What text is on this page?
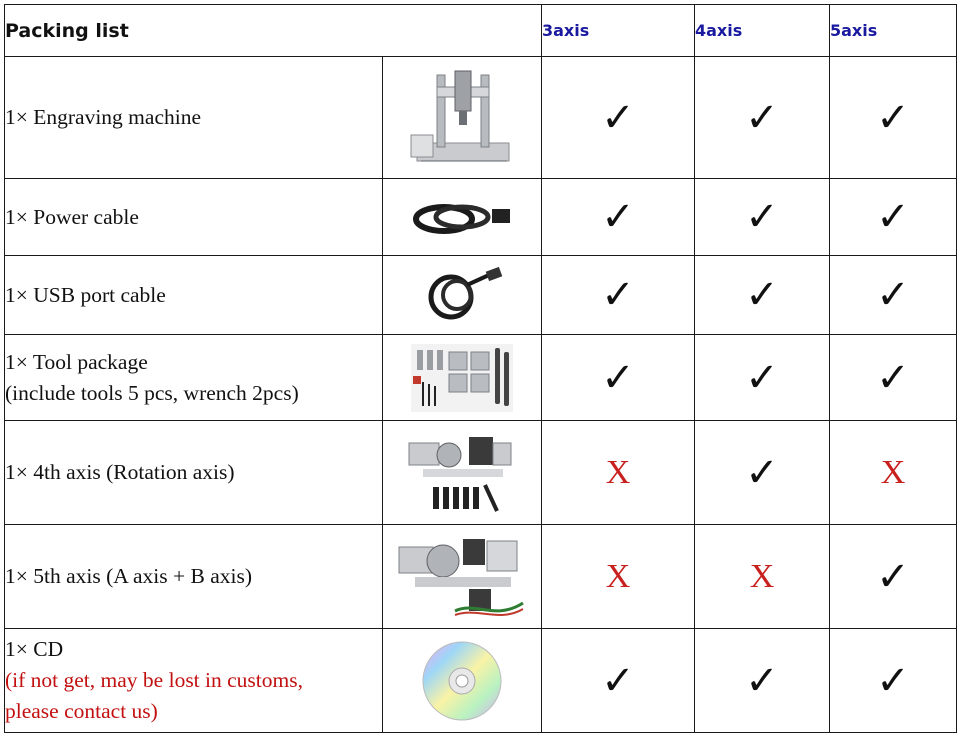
Packing list		3axis	4axis	5axis
1× Engraving machine		✓	✓	✓
1× Power cable		✓	✓	✓
1× USB port cable		✓	✓	✓
1× Tool package
(include tools 5 pcs, wrench 2pcs)		✓	✓	✓
1× 4th axis (Rotation axis)		X	✓	X
1× 5th axis (A axis + B axis)		X	X	✓
1× CD
(if not get, may be lost in customs,
please contact us)		✓	✓	✓
